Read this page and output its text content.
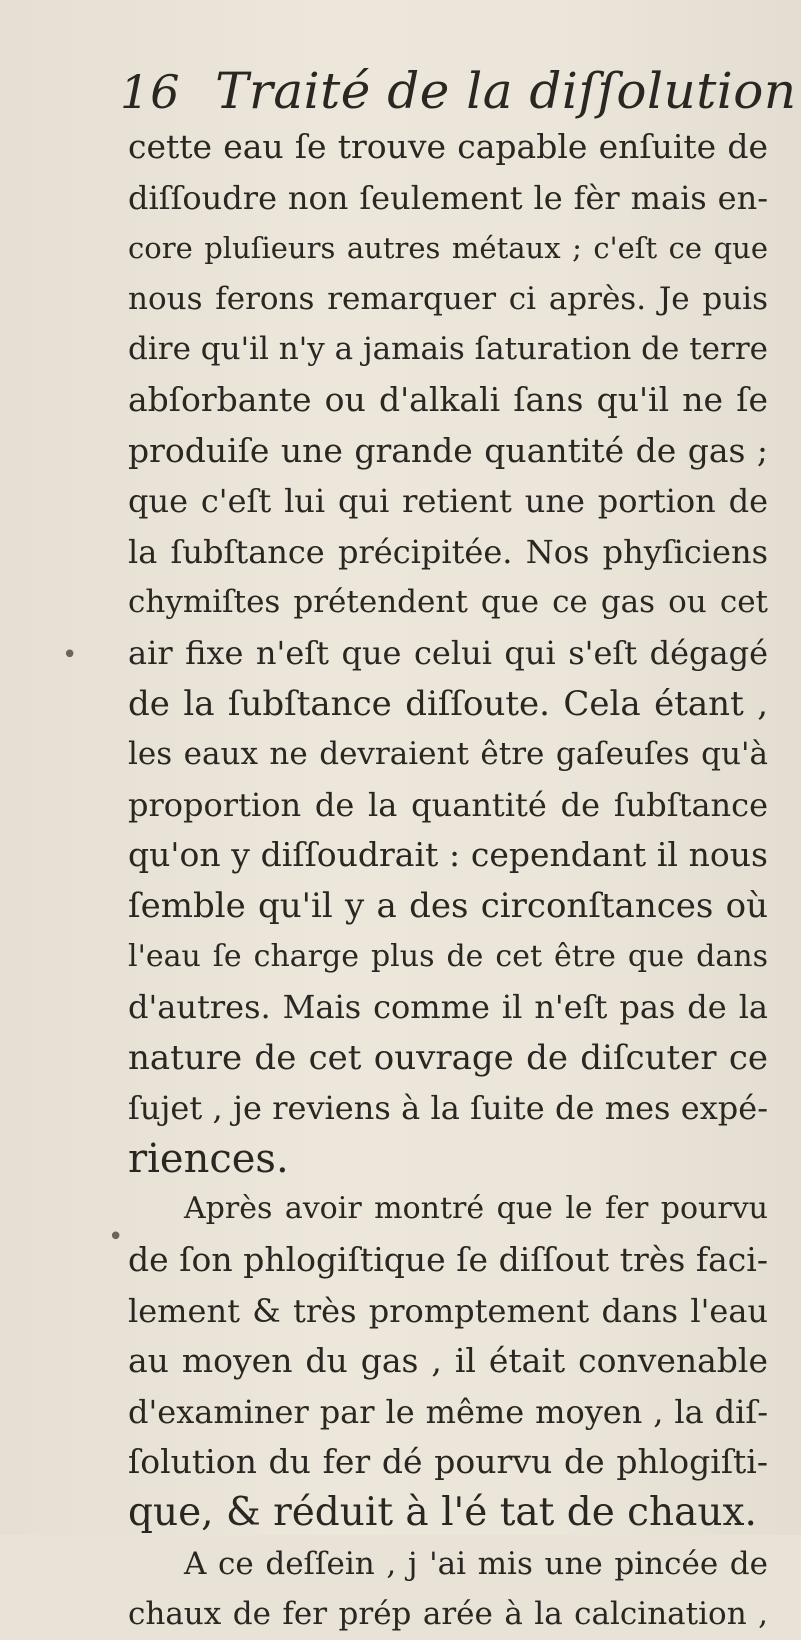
16 Traité de la diſſolution
cette eau ſe trouve capable enſuite de
diſſoudre non ſeulement le fèr mais en-
core pluſieurs autres métaux ; c'eſt ce que
nous ferons remarquer ci après. Je puis
dire qu'il n'y a jamais ſaturation de terre
abſorbante ou d'alkali ſans qu'il ne ſe
produiſe une grande quantité de gas ;
que c'eſt lui qui retient une portion de
la ſubſtance précipitée. Nos phyſiciens
chymiſtes prétendent que ce gas ou cet
air fixe n'eſt que celui qui s'eſt dégagé
de la ſubſtance diſſoute. Cela étant ,
les eaux ne devraient être gaſeuſes qu'à
proportion de la quantité de ſubſtance
qu'on y diſſoudrait : cependant il nous
ſemble qu'il y a des circonſtances où
l'eau ſe charge plus de cet être que dans
d'autres. Mais comme il n'eſt pas de la
nature de cet ouvrage de diſcuter ce
ſujet , je reviens à la ſuite de mes expé-
riences.
Après avoir montré que le fer pourvu
de ſon phlogiſtique ſe diſſout très faci-
lement & très promptement dans l'eau
au moyen du gas , il était convenable
d'examiner par le même moyen , la diſ-
ſolution du fer dé pourvu de phlogiſti-
que, & réduit à l'é tat de chaux.
A ce deſſein , j 'ai mis une pincée de
chaux de fer prép arée à la calcination ,
•
•
